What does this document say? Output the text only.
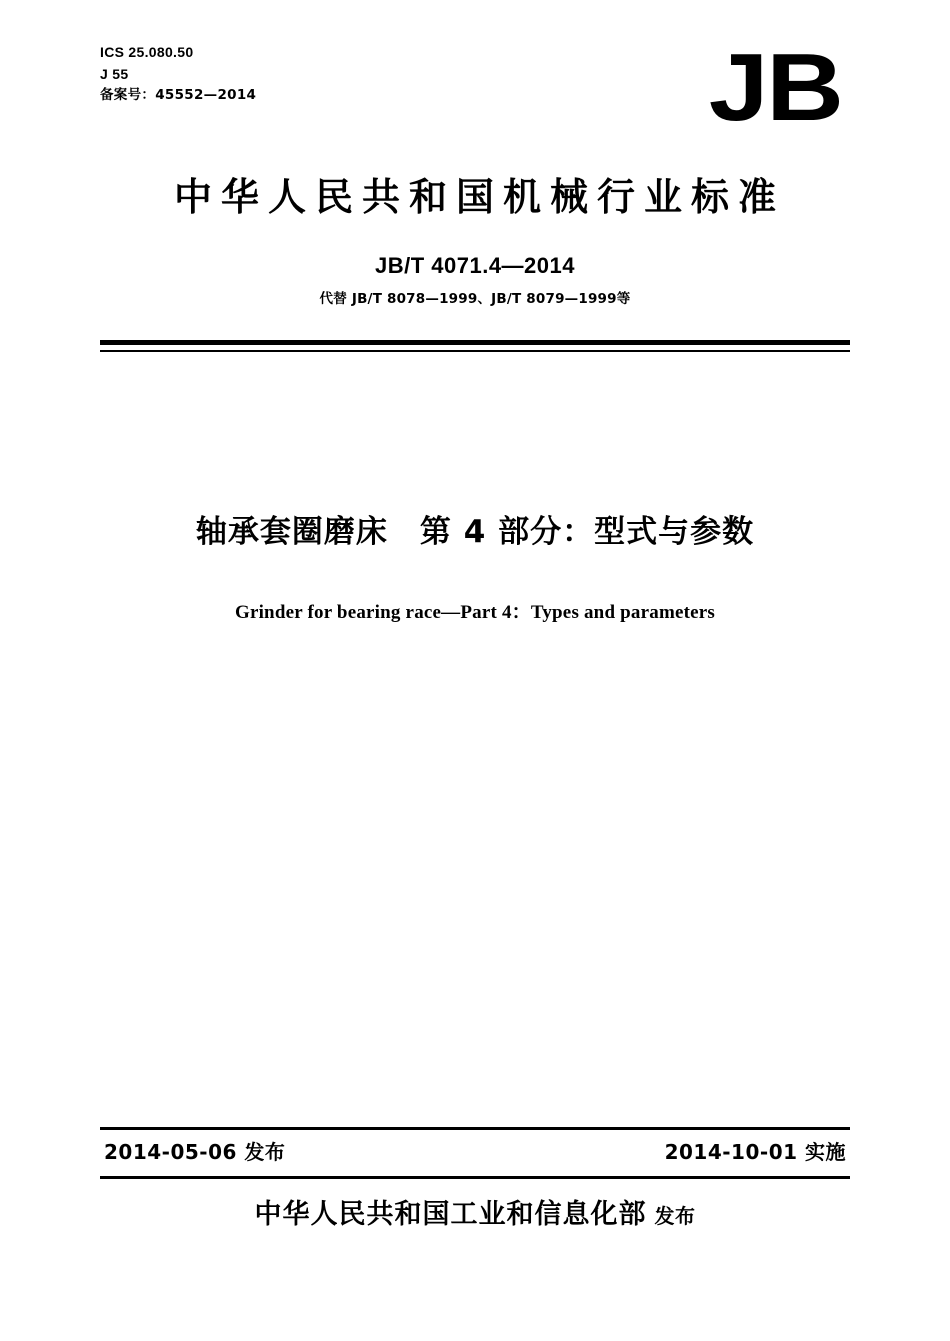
ICS 25.080.50
J 55
备案号：45552—2014	JB
中华人民共和国机械行业标准
JB/T 4071.4—2014
代替 JB/T 8078—1999、JB/T 8079—1999等
轴承套圈磨床　第 4 部分：型式与参数
Grinder for bearing race—Part 4：Types and parameters
2014-05-06 发布	2014-10-01 实施
中华人民共和国工业和信息化部 发布
